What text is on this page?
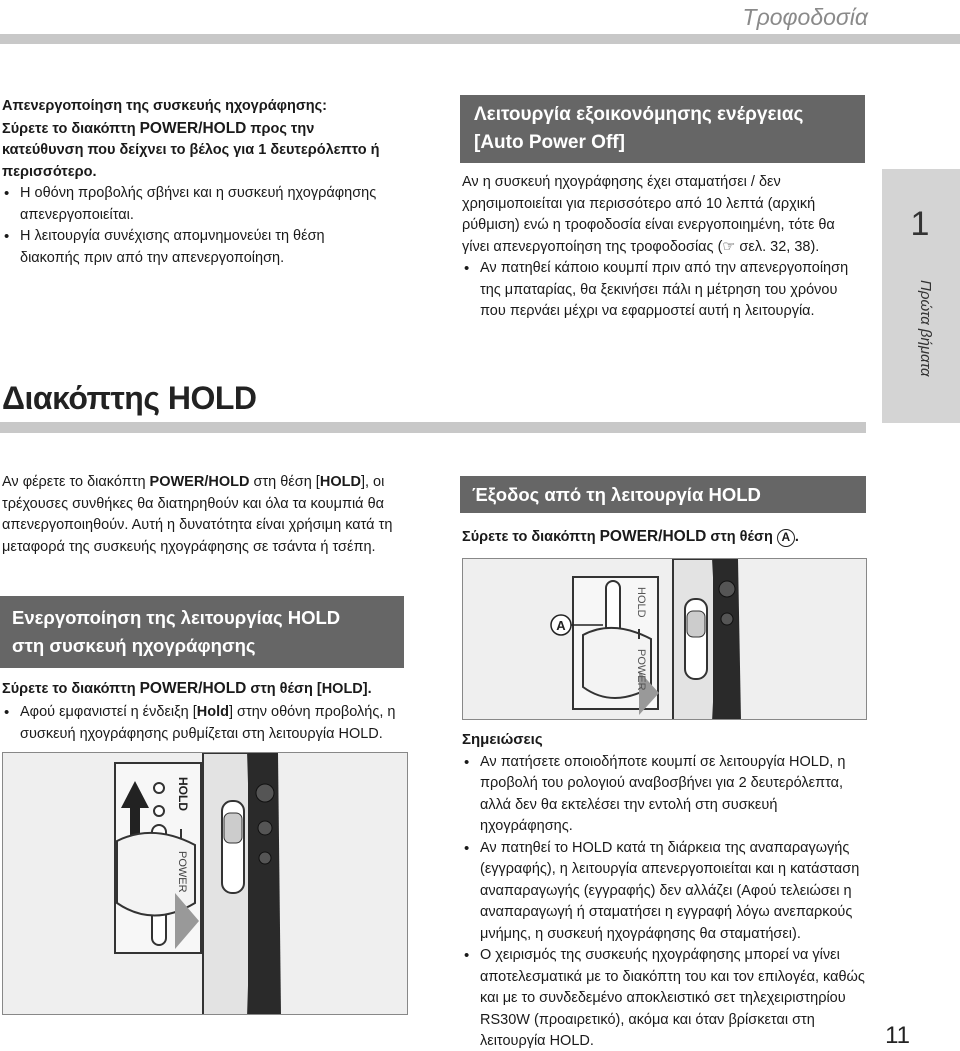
Τροφοδοσία
1
Πρώτα βήματα
Απενεργοποίηση της συσκευής ηχογράφησης:
Σύρετε το διακόπτη POWER/HOLD προς την κατεύθυνση που δείχνει το βέλος για 1 δευτερόλεπτο ή περισσότερο.
• Η οθόνη προβολής σβήνει και η συσκευή ηχογράφησης απενεργοποιείται.
• Η λειτουργία συνέχισης απομνημονεύει τη θέση διακοπής πριν από την απενεργοποίηση.
Λειτουργία εξοικονόμησης ενέργειας
[Auto Power Off]
Αν η συσκευή ηχογράφησης έχει σταματήσει / δεν χρησιμοποιείται για περισσότερο από 10 λεπτά (αρχική ρύθμιση) ενώ η τροφοδοσία είναι ενεργοποιημένη, τότε θα γίνει απενεργοποίηση της τροφοδοσίας (☞ σελ. 32, 38).
• Αν πατηθεί κάποιο κουμπί πριν από την απενεργοποίηση της μπαταρίας, θα ξεκινήσει πάλι η μέτρηση του χρόνου που περνάει μέχρι να εφαρμοστεί αυτή η λειτουργία.
Διακόπτης HOLD
Αν φέρετε το διακόπτη POWER/HOLD στη θέση [HOLD], οι τρέχουσες συνθήκες θα διατηρηθούν και όλα τα κουμπιά θα απενεργοποιηθούν. Αυτή η δυνατότητα είναι χρήσιμη κατά τη μεταφορά της συσκευής ηχογράφησης σε τσάντα ή τσέπη.
Ενεργοποίηση της λειτουργίας HOLD
στη συσκευή ηχογράφησης
Σύρετε το διακόπτη POWER/HOLD στη θέση [HOLD].
• Αφού εμφανιστεί η ένδειξη [Hold] στην οθόνη προβολής, η συσκευή ηχογράφησης ρυθμίζεται στη λειτουργία HOLD.
HOLD
POWER
Έξοδος από τη λειτουργία HOLD
Σύρετε το διακόπτη POWER/HOLD στη θέση A .
A
HOLD
POWER
Σημειώσεις
• Αν πατήσετε οποιοδήποτε κουμπί σε λειτουργία HOLD, η προβολή του ρολογιού αναβοσβήνει για 2 δευτερόλεπτα, αλλά δεν θα εκτελέσει την εντολή στη συσκευή ηχογράφησης.
• Αν πατηθεί το HOLD κατά τη διάρκεια της αναπαραγωγής (εγγραφής), η λειτουργία απενεργοποιείται και η κατάσταση αναπαραγωγής (εγγραφής) δεν αλλάζει (Αφού τελειώσει η αναπαραγωγή ή σταματήσει η εγγραφή λόγω ανεπαρκούς μνήμης, η συσκευή ηχογράφησης θα σταματήσει).
• Ο χειρισμός της συσκευής ηχογράφησης μπορεί να γίνει αποτελεσματικά με το διακόπτη του και τον επιλογέα, καθώς και με το συνδεδεμένο αποκλειστικό σετ τηλεχειριστηρίου RS30W (προαιρετικό), ακόμα και όταν βρίσκεται στη λειτουργία HOLD.	11
